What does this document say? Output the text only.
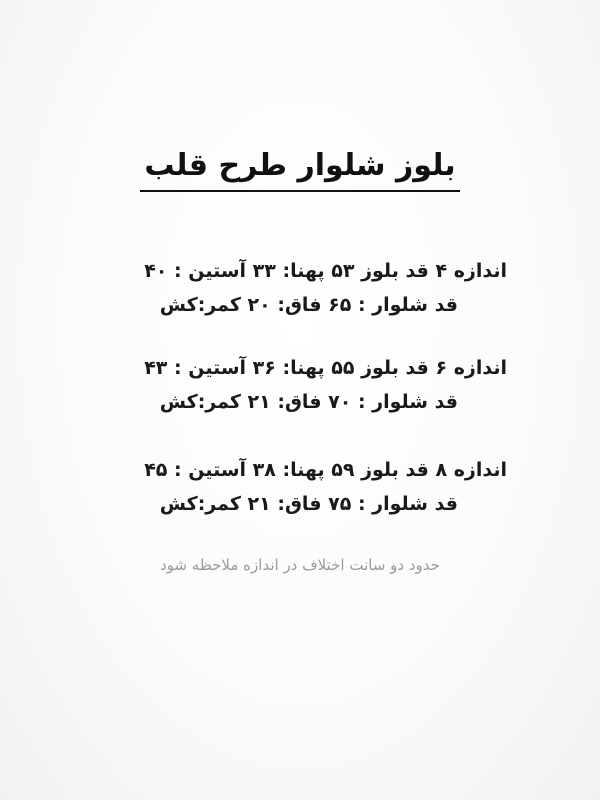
بلوز شلوار طرح قلب
اندازه ۴ قد بلوز ۵۳ پهنا: ۳۳ آستین : ۴۰
قد شلوار : ۶۵ فاق: ۲۰ کمر:کش
اندازه ۶ قد بلوز ۵۵ پهنا: ۳۶ آستین : ۴۳
قد شلوار : ۷۰ فاق: ۲۱ کمر:کش
اندازه ۸ قد بلوز ۵۹ پهنا: ۳۸ آستین : ۴۵
قد شلوار : ۷۵ فاق: ۲۱ کمر:کش
حدود دو سانت اختلاف در اندازه ملاحظه شود
